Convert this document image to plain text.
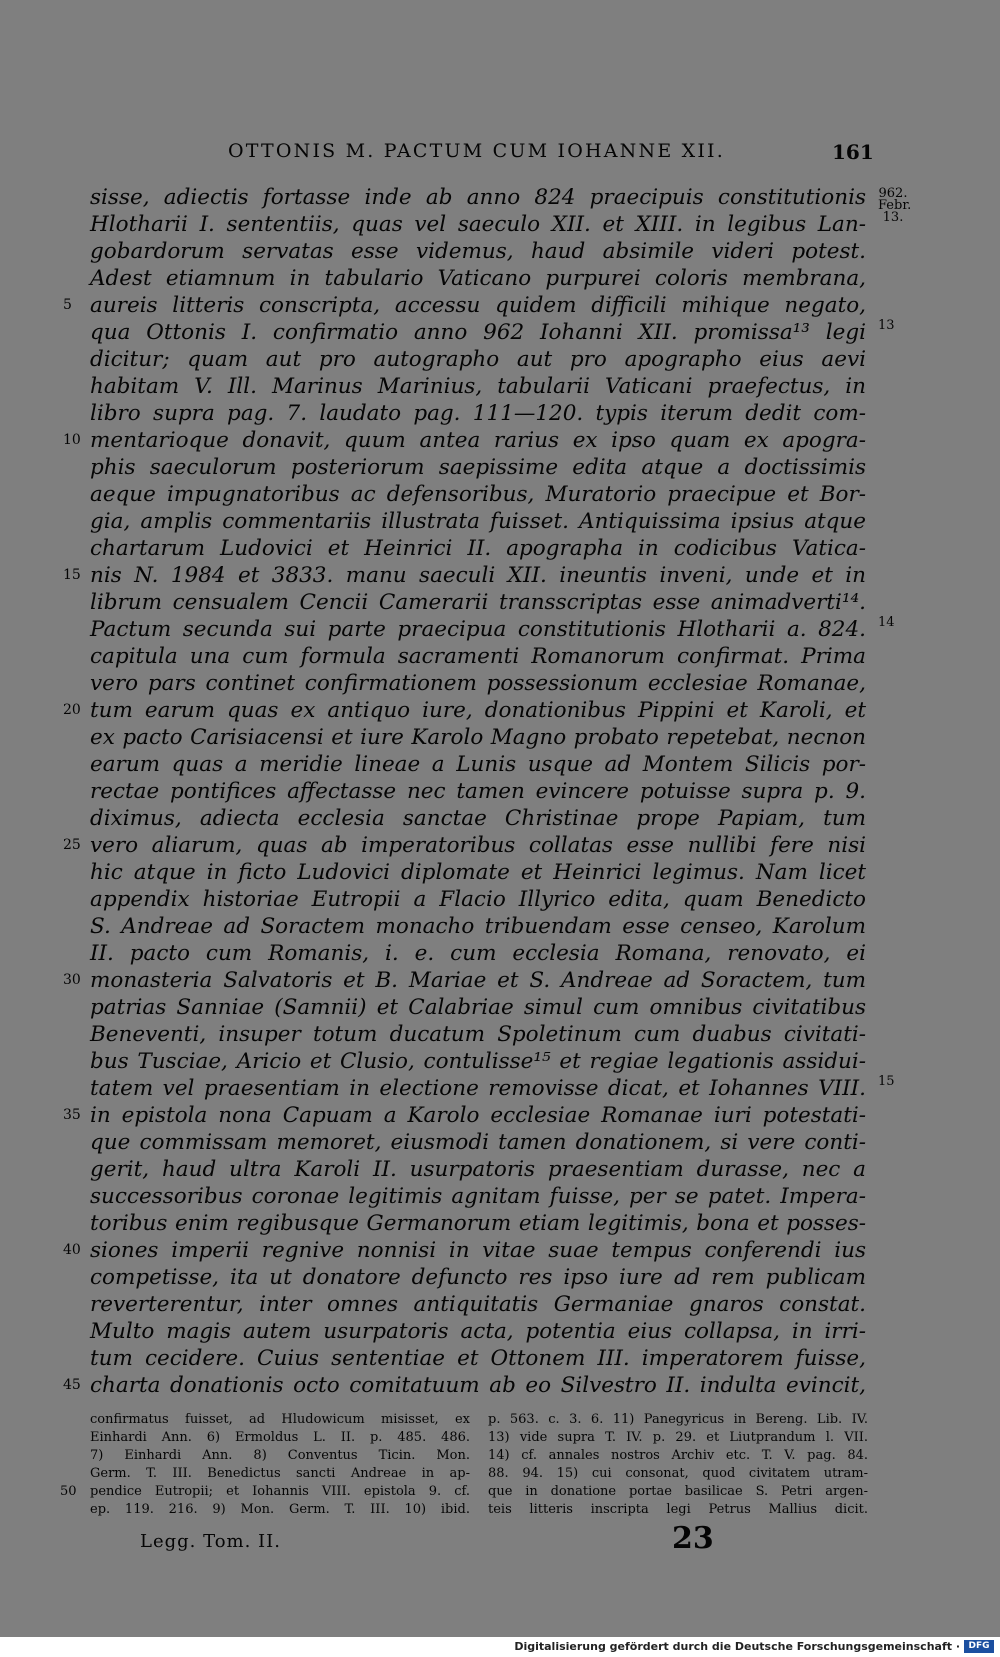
OTTONIS M. PACTUM CUM IOHANNE XII.	161
962.
Febr.
13.
sisse, adiectis fortasse inde ab anno 824 praecipuis constitutionis
Hlotharii I. sententiis, quas vel saeculo XII. et XIII. in legibus Lan-
gobardorum servatas esse videmus, haud absimile videri potest.
Adest etiamnum in tabulario Vaticano purpurei coloris membrana,
5 aureis litteris conscripta, accessu quidem difficili mihique negato,
qua Ottonis I. confirmatio anno 962 Iohanni XII. promissa¹³ legi 13
dicitur; quam aut pro autographo aut pro apographo eius aevi
habitam V. Ill. Marinus Marinius, tabularii Vaticani praefectus, in
libro supra pag. 7. laudato pag. 111—120. typis iterum dedit com-
10 mentarioque donavit, quum antea rarius ex ipso quam ex apogra-
phis saeculorum posteriorum saepissime edita atque a doctissimis
aeque impugnatoribus ac defensoribus, Muratorio praecipue et Bor-
gia, amplis commentariis illustrata fuisset. Antiquissima ipsius atque
chartarum Ludovici et Heinrici II. apographa in codicibus Vatica-
15 nis N. 1984 et 3833. manu saeculi XII. ineuntis inveni, unde et in
librum censualem Cencii Camerarii transscriptas esse animadverti¹⁴.
Pactum secunda sui parte praecipua constitutionis Hlotharii a. 824. 14
capitula una cum formula sacramenti Romanorum confirmat. Prima
vero pars continet confirmationem possessionum ecclesiae Romanae,
20 tum earum quas ex antiquo iure, donationibus Pippini et Karoli, et
ex pacto Carisiacensi et iure Karolo Magno probato repetebat, necnon
earum quas a meridie lineae a Lunis usque ad Montem Silicis por-
rectae pontifices affectasse nec tamen evincere potuisse supra p. 9.
diximus, adiecta ecclesia sanctae Christinae prope Papiam, tum
25 vero aliarum, quas ab imperatoribus collatas esse nullibi fere nisi
hic atque in ficto Ludovici diplomate et Heinrici legimus. Nam licet
appendix historiae Eutropii a Flacio Illyrico edita, quam Benedicto
S. Andreae ad Soractem monacho tribuendam esse censeo, Karolum
II. pacto cum Romanis, i. e. cum ecclesia Romana, renovato, ei
30 monasteria Salvatoris et B. Mariae et S. Andreae ad Soractem, tum
patrias Sanniae (Samnii) et Calabriae simul cum omnibus civitatibus
Beneventi, insuper totum ducatum Spoletinum cum duabus civitati-
bus Tusciae, Aricio et Clusio, contulisse¹⁵ et regiae legationis assidui-
tatem vel praesentiam in electione removisse dicat, et Iohannes VIII. 15
35 in epistola nona Capuam a Karolo ecclesiae Romanae iuri potestati-
que commissam memoret, eiusmodi tamen donationem, si vere conti-
gerit, haud ultra Karoli II. usurpatoris praesentiam durasse, nec a
successoribus coronae legitimis agnitam fuisse, per se patet. Impera-
toribus enim regibusque Germanorum etiam legitimis, bona et posses-
40 siones imperii regnive nonnisi in vitae suae tempus conferendi ius
competisse, ita ut donatore defuncto res ipso iure ad rem publicam
reverterentur, inter omnes antiquitatis Germaniae gnaros constat.
Multo magis autem usurpatoris acta, potentia eius collapsa, in irri-
tum cecidere. Cuius sententiae et Ottonem III. imperatorem fuisse,
45 charta donationis octo comitatuum ab eo Silvestro II. indulta evincit,
confirmatus fuisset, ad Hludowicum misisset, ex p. 563. c. 3. 6. 11) Panegyricus in Bereng. Lib. IV.
Einhardi Ann. 6) Ermoldus L. II. p. 485. 486. 13) vide supra T. IV. p. 29. et Liutprandum l. VII.
7) Einhardi Ann. 8) Conventus Ticin. Mon. 14) cf. annales nostros Archiv etc. T. V. pag. 84.
Germ. T. III. Benedictus sancti Andreae in ap- 88. 94. 15) cui consonat, quod civitatem utram-
50 pendice Eutropii; et Iohannis VIII. epistola 9. cf. que in donatione portae basilicae S. Petri argen-
ep. 119. 216. 9) Mon. Germ. T. III. 10) ibid. teis litteris inscripta legi Petrus Mallius dicit.
Legg. Tom. II.	23
Digitalisierung gefördert durch die Deutsche Forschungsgemeinschaft · DFG
